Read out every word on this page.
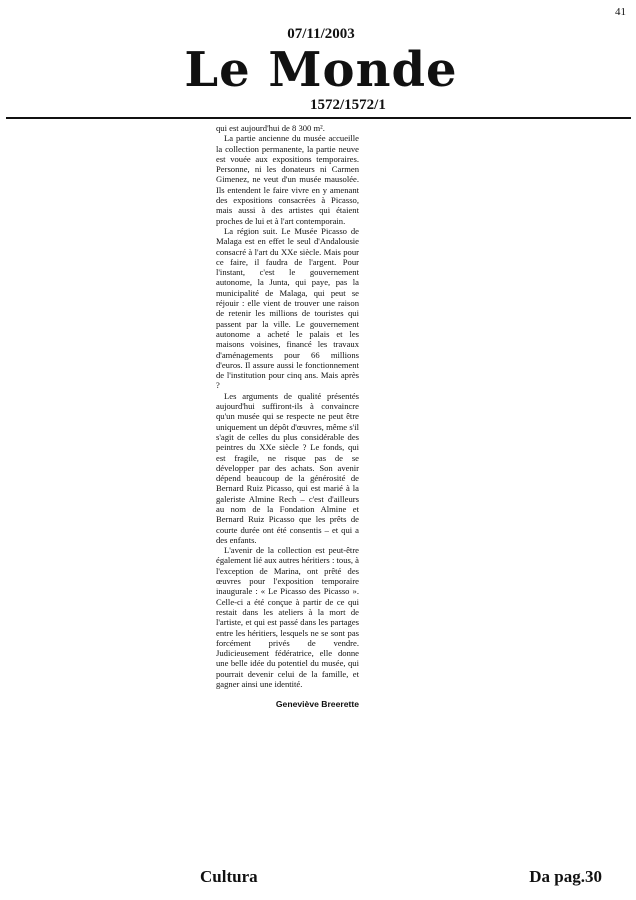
41
07/11/2003
Le Monde
1572/1572/1

qui est aujourd'hui de 8 300 m².

La partie ancienne du musée accueille la collection permanente, la partie neuve est vouée aux expositions temporaires. Personne, ni les donateurs ni Carmen Gimenez, ne veut d'un musée mausolée. Ils entendent le faire vivre en y amenant des expositions consacrées à Picasso, mais aussi à des artistes qui étaient proches de lui et à l'art contemporain.

La région suit. Le Musée Picasso de Malaga est en effet le seul d'Andalousie consacré à l'art du XXe siècle. Mais pour ce faire, il faudra de l'argent. Pour l'instant, c'est le gouvernement autonome, la Junta, qui paye, pas la municipalité de Malaga, qui peut se réjouir : elle vient de trouver une raison de retenir les millions de touristes qui passent par la ville. Le gouvernement autonome a acheté le palais et les maisons voisines, financé les travaux d'aménagements pour 66 millions d'euros. Il assure aussi le fonctionnement de l'institution pour cinq ans. Mais après ?

Les arguments de qualité présentés aujourd'hui suffiront-ils à convaincre qu'un musée qui se respecte ne peut être uniquement un dépôt d'œuvres, même s'il s'agit de celles du plus considérable des peintres du XXe siècle ? Le fonds, qui est fragile, ne risque pas de se développer par des achats. Son avenir dépend beaucoup de la générosité de Bernard Ruiz Picasso, qui est marié à la galeriste Almine Rech – c'est d'ailleurs au nom de la Fondation Almine et Bernard Ruiz Picasso que les prêts de courte durée ont été consentis – et qui a des enfants.

L'avenir de la collection est peut-être également lié aux autres héritiers : tous, à l'exception de Marina, ont prêté des œuvres pour l'exposition temporaire inaugurale : « Le Picasso des Picasso ». Celle-ci a été conçue à partir de ce qui restait dans les ateliers à la mort de l'artiste, et qui est passé dans les partages entre les héritiers, lesquels ne se sont pas forcément privés de vendre. Judicieusement fédératrice, elle donne une belle idée du potentiel du musée, qui pourrait devenir celui de la famille, et gagner ainsi une identité.

Geneviève Breerette
Cultura	Da pag.30
